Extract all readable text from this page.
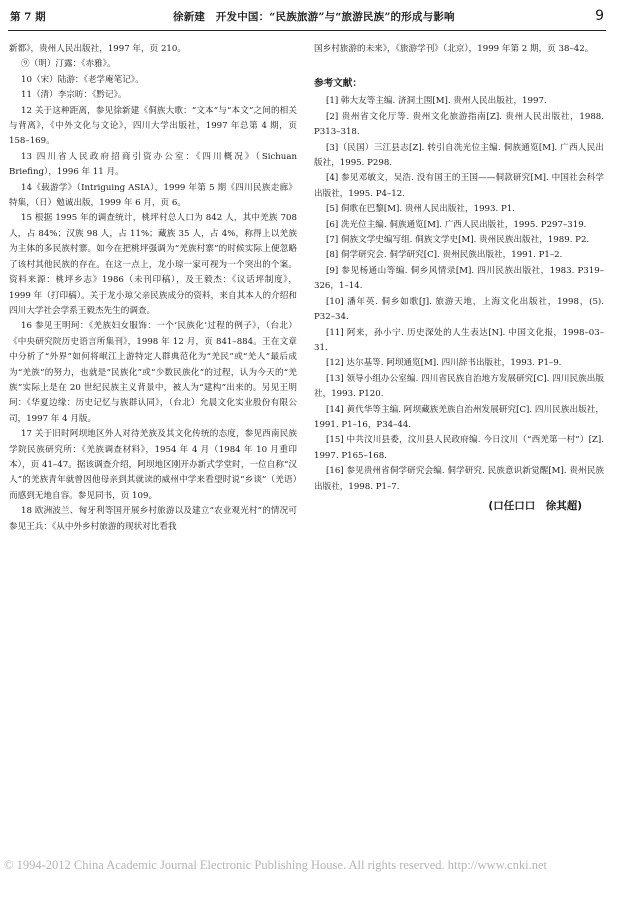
第 7 期	徐新建　开发中国：“民族旅游”与“旅游民族”的形成与影响	9

新都》，贵州人民出版社，1997 年，页 210。

⑨（明）汀露：《赤雅》。

10（宋）陆游：《老学庵笔记》。

11（清）李宗昉：《黔记》。

12 关于这种距离，参见徐新建《侗族大歌：“文本”与“本文”之间的相关与背离》，《中外文化与文论》，四川大学出版社，1997 年总第 4 期，页 158–169。

13 四川省人民政府招商引资办公室：《四川概况》（Sichuan Briefing），1996 年 11 月。

14《载游学》（Intriguing ASIA），1999 年第 5 期《四川民族走廊》特集，（日）勉诚出版，1999 年 6 月，页 6。

15 根据 1995 年的调查统计，桃坪村总人口为 842 人，其中羌族 708 人，占 84%；汉族 98 人，占 11%；藏族 35 人，占 4%，称得上以羌族为主体的多民族村寨。如今在把桃坪强调为“羌族村寨”的时候实际上便忽略了该村其他民族的存在。在这一点上，龙小琼一家可视为一个突出的个案。资料来源：桃坪乡志》1986（未刊印稿），及王毅杰：《议话坪制度》，1999 年（打印稿）。关于龙小琼父亲民族成分的资料，来自其本人的介绍和四川大学社会学系王毅杰先生的调查。

16 参见王明珂：《羌族妇女服饰：一个‘民族化’过程的例子》，（台北）《中央研究院历史语言所集刊》，1998 年 12 月，页 841–884。王在文章中分析了“外界”如何将岷江上游特定人群典范化为“羌民”或“羌人”最后成为“羌族”的努力，也就是“民族化”或“少数民族化”的过程，认为今天的“羌族”实际上是在 20 世纪民族主义背景中，被人为“建构”出来的。另见王明珂：《华夏边缘：历史记忆与族群认同》，（台北）允晨文化实业股份有限公司，1997 年 4 月版。

17 关于旧时阿坝地区外人对待羌族及其文化传统的态度，参见西南民族学院民族研究所：《羌族调查材料》，1954 年 4 月（1984 年 10 月重印本），页 41–47。据该调查介绍，阿坝地区刚开办新式学堂时，一位自称“汉人”的羌族青年就曾因他母亲到其就读的威州中学来看望时说“乡谈”（羌语）而感到无地自容。参见同书，页 109。

18 欧洲波兰、匈牙利等国开展乡村旅游以及建立“农业观光村”的情况可参见王兵：《从中外乡村旅游的现状对比看我

国乡村旅游的未来》，《旅游学刊》（北京），1999 年第 2 期，页 38–42。

参考文献：

[1] 韩大友等主编. 济洞土围[M]. 贵州人民出版社，1997.

[2] 贵州省文化厅等. 贵州文化旅游指南[Z]. 贵州人民出版社，1988. P313–318.

[3]（民国）三江县志[Z]. 转引自冼光位主编. 侗族通览[M]. 广西人民出版社，1995. P298.

[4] 参见邓敏文，吴浩. 没有国王的王国——侗款研究[M]. 中国社会科学出版社，1995. P4–12.

[5] 侗歌在巴黎[M]. 贵州人民出版社，1993. P1.

[6] 冼光位主编. 侗族通览[M]. 广西人民出版社，1995. P297–319.

[7] 侗族文学史编写组. 侗族文学史[M]. 贵州民族出版社，1989. P2.

[8] 侗学研究会. 侗学研究[C]. 贵州民族出版社，1991. P1–2.

[9] 参见杨通山等编. 侗乡风情录[M]. 四川民族出版社，1983. P319–326，1–14.

[10] 潘年英. 侗乡如歌[J]. 旅游天地，上海文化出版社，1998，(5). P32–34.

[11] 阿来，孙小宁. 历史深处的人生表达[N]. 中国文化报，1998–03–31.

[12] 达尔基等. 阿坝通览[M]. 四川辞书出版社，1993. P1–9.

[13] 领导小组办公室编. 四川省民族自治地方发展研究[C]. 四川民族出版社，1993. P120.

[14] 黄代华等主编. 阿坝藏族羌族自治州发展研究[C]. 四川民族出版社，1991. P1–16，P34–44.

[15] 中共汶川县委，汶川县人民政府编. 今日汶川（“西羌第一村”）[Z]. 1997. P165–168.

[16] 参见贵州省侗学研究会编. 侗学研究. 民族意识新觉醒[M]. 贵州民族出版社，1998. P1–7.

(口任口口　徐其超)
© 1994-2012 China Academic Journal Electronic Publishing House. All rights reserved. http://www.cnki.net
